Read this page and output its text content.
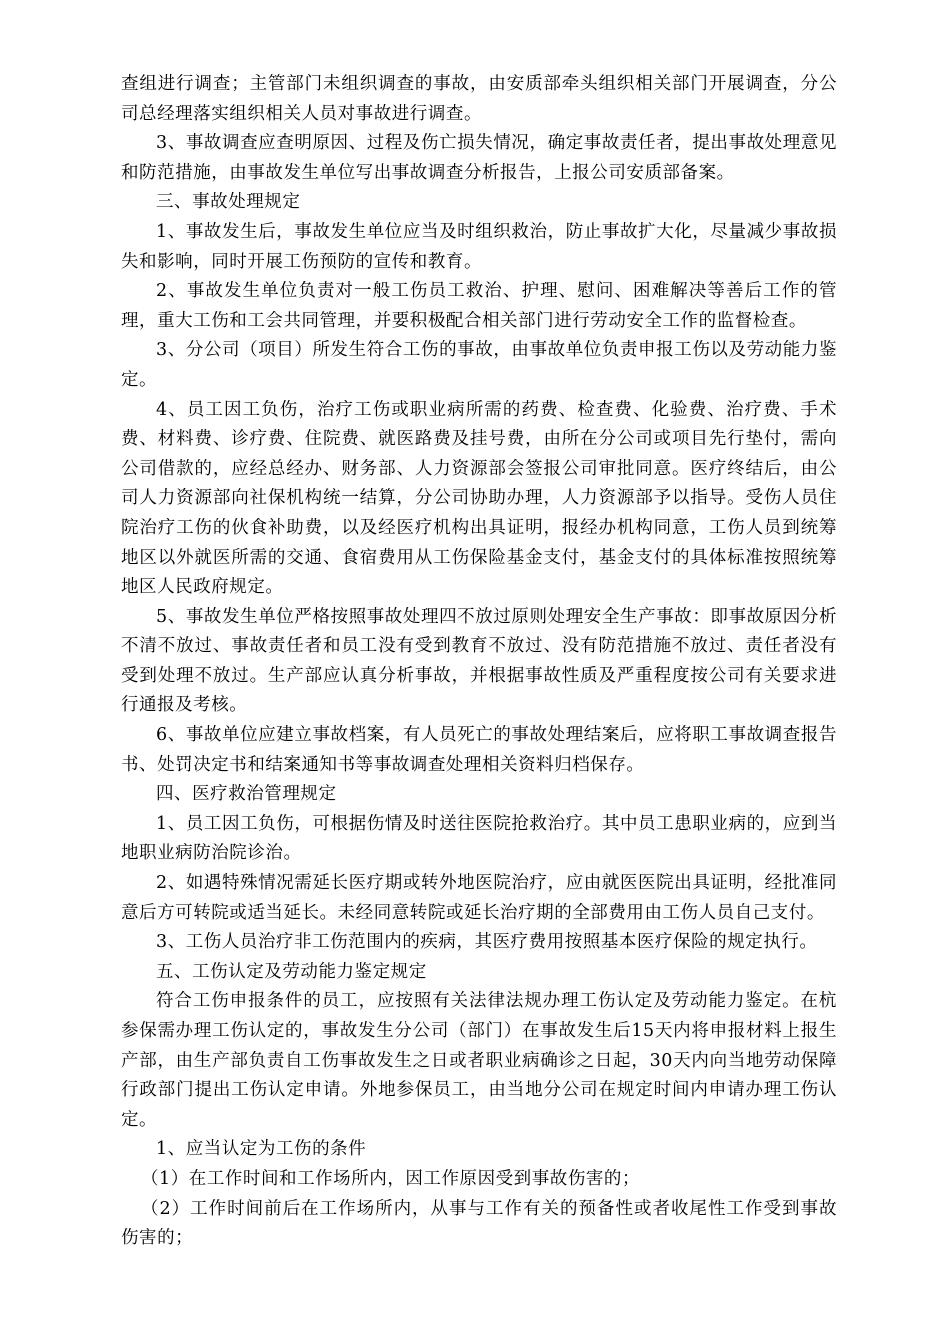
查组进行调查；主管部门未组织调查的事故，由安质部牵头组织相关部门开展调查，分公司总经理落实组织相关人员对事故进行调查。

3、事故调查应查明原因、过程及伤亡损失情况，确定事故责任者，提出事故处理意见和防范措施，由事故发生单位写出事故调查分析报告，上报公司安质部备案。

三、事故处理规定

1、事故发生后，事故发生单位应当及时组织救治，防止事故扩大化，尽量减少事故损失和影响，同时开展工伤预防的宣传和教育。

2、事故发生单位负责对一般工伤员工救治、护理、慰问、困难解决等善后工作的管理，重大工伤和工会共同管理，并要积极配合相关部门进行劳动安全工作的监督检查。

3、分公司（项目）所发生符合工伤的事故，由事故单位负责申报工伤以及劳动能力鉴定。

4、员工因工负伤，治疗工伤或职业病所需的药费、检查费、化验费、治疗费、手术费、材料费、诊疗费、住院费、就医路费及挂号费，由所在分公司或项目先行垫付，需向公司借款的，应经总经办、财务部、人力资源部会签报公司审批同意。医疗终结后，由公司人力资源部向社保机构统一结算，分公司协助办理，人力资源部予以指导。受伤人员住院治疗工伤的伙食补助费，以及经医疗机构出具证明，报经办机构同意，工伤人员到统筹地区以外就医所需的交通、食宿费用从工伤保险基金支付，基金支付的具体标准按照统筹地区人民政府规定。

5、事故发生单位严格按照事故处理四不放过原则处理安全生产事故：即事故原因分析不清不放过、事故责任者和员工没有受到教育不放过、没有防范措施不放过、责任者没有受到处理不放过。生产部应认真分析事故，并根据事故性质及严重程度按公司有关要求进行通报及考核。

6、事故单位应建立事故档案，有人员死亡的事故处理结案后，应将职工事故调查报告书、处罚决定书和结案通知书等事故调查处理相关资料归档保存。

四、医疗救治管理规定

1、员工因工负伤，可根据伤情及时送往医院抢救治疗。其中员工患职业病的，应到当地职业病防治院诊治。

2、如遇特殊情况需延长医疗期或转外地医院治疗，应由就医医院出具证明，经批准同意后方可转院或适当延长。未经同意转院或延长治疗期的全部费用由工伤人员自己支付。

3、工伤人员治疗非工伤范围内的疾病，其医疗费用按照基本医疗保险的规定执行。

五、工伤认定及劳动能力鉴定规定

符合工伤申报条件的员工，应按照有关法律法规办理工伤认定及劳动能力鉴定。在杭参保需办理工伤认定的，事故发生分公司（部门）在事故发生后15天内将申报材料上报生产部，由生产部负责自工伤事故发生之日或者职业病确诊之日起，30天内向当地劳动保障行政部门提出工伤认定申请。外地参保员工，由当地分公司在规定时间内申请办理工伤认定。

1、应当认定为工伤的条件

（1）在工作时间和工作场所内，因工作原因受到事故伤害的；

（2）工作时间前后在工作场所内，从事与工作有关的预备性或者收尾性工作受到事故伤害的；
